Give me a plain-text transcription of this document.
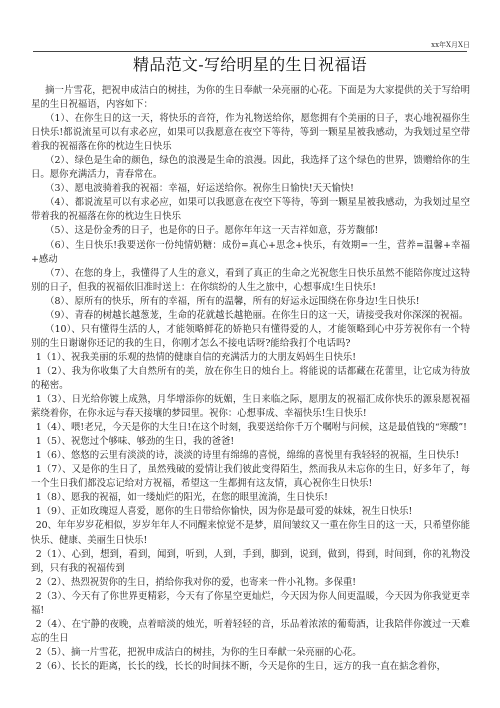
xx年X月X日
精品范文-写给明星的生日祝福语

摘一片雪花，把祝申成洁白的树挂，为你的生日奉献一朵亮丽的心花。下面是为大家提供的关于写给明星的生日祝福语，内容如下：

（1）、在你生日的这一天，将快乐的音符，作为礼物送给你，愿您拥有个美丽的日子，衷心地祝福你生日快乐!都说流星可以有求必应，如果可以我愿意在夜空下等待，等到一颗星星被我感动，为我划过星空带着我的祝福落在你的枕边生日快乐

（2）、绿色是生命的颜色，绿色的浪漫是生命的浪漫。因此，我选择了这个绿色的世界，馈赠给你的生日。愿你充满活力，青春常在。

（3）、愿电波骑着我的祝福：幸福，好运送给你。祝你生日愉快!天天愉快!

（4）、都说流星可以有求必应，如果可以我愿意在夜空下等待，等到一颗星星被我感动，为我划过星空带着我的祝福落在你的枕边生日快乐

（5）、这是份金秀的日子，也是你的日子。愿你年年这一天吉祥如意，芬芳馥郁!

（6）、生日快乐!我要送你一份纯情奶糖：成份=真心+思念+快乐，有效期=一生，营养=温馨+幸福+感动

（7）、在您的身上，我懂得了人生的意义，看到了真正的生命之光祝您生日快乐虽然不能陪你度过这特别的日子，但我的祝福依旧准时送上：在你缤纷的人生之旅中，心想事成!生日快乐!

（8）、原所有的快乐，所有的幸福，所有的温馨，所有的好运永远围绕在你身边!生日快乐!

（9）、青春的树越长越葱茏，生命的花就越长越艳丽。在你生日的这一天，请接受我对你深深的祝福。

（10）、只有懂得生活的人，才能领略鲜花的娇艳只有懂得爱的人，才能领略到心中芬芳祝你有一个特别的生日谢谢你还记的我的生日，你刚才怎么不接电话呀?能给我打个电话吗?

1（1）、祝我美丽的乐观的热情的健康自信的充满活力的大朋友妈妈生日快乐!

1（2）、我为你收集了大自然所有的美，放在你生日的烛台上。将能说的话都藏在花蕾里，让它成为待放的秘密。

1（3）、日光给你镀上成熟，月华增添你的妩媚，生日来临之际，愿朋友的祝福汇成你快乐的源泉愿祝福萦绕着你，在你永远与春天接壤的梦园里。祝你：心想事成、幸福快乐!生日快乐!

1（4）、喂!老兄，今天是你的大生日!在这个时刻，我要送给你千万个嘱咐与问候，这是最值钱的“寒酸”!

1（5）、祝您过个够味、够劲的生日，我的爸爸!

1（6）、悠悠的云里有淡淡的诗，淡淡的诗里有绵绵的喜悦，绵绵的喜悦里有我轻轻的祝福，生日快乐!

1（7）、又是你的生日了，虽然残破的爱情让我们彼此变得陌生，然而我从未忘你的生日，好多年了，每一个生日我们都没忘记给对方祝福，希望这一生都拥有这友情，真心祝你生日快乐!

1（8）、愿我的祝福，如一缕灿烂的阳光，在您的眼里流淌，生日快乐!

1（9）、正如玫瑰逗人喜爱，愿你的生日带给你愉快，因为你是最可爱的妹妹，祝生日快乐!

20、年年岁岁花相似，岁岁年年人不同醒来惊觉不是梦，眉间皱纹又一重在你生日的这一天，只希望你能快乐、健康、美丽生日快乐!

2（1）、心到，想到，看到，闻到，听到，人到，手到，脚到，说到，做到，得到，时间到，你的礼物没到，只有我的祝福传到

2（2）、热烈祝贺你的生日，捎给你我对你的爱，也寄来一件小礼物。多保重!

2（3）、今天有了你世界更精彩，今天有了你星空更灿烂，今天因为你人间更温暖，今天因为你我觉更幸福!

2（4）、在宁静的夜晚，点着暗淡的烛光，听着轻轻的音，乐品着浓浓的葡萄酒，让我陪伴你渡过一天难忘的生日

2（5）、摘一片雪花，把祝申成洁白的树挂，为你的生日奉献一朵亮丽的心花。

2（6）、长长的距离，长长的线，长长的时间抹不断，今天是你的生日，远方的我一直在掂念着你，
